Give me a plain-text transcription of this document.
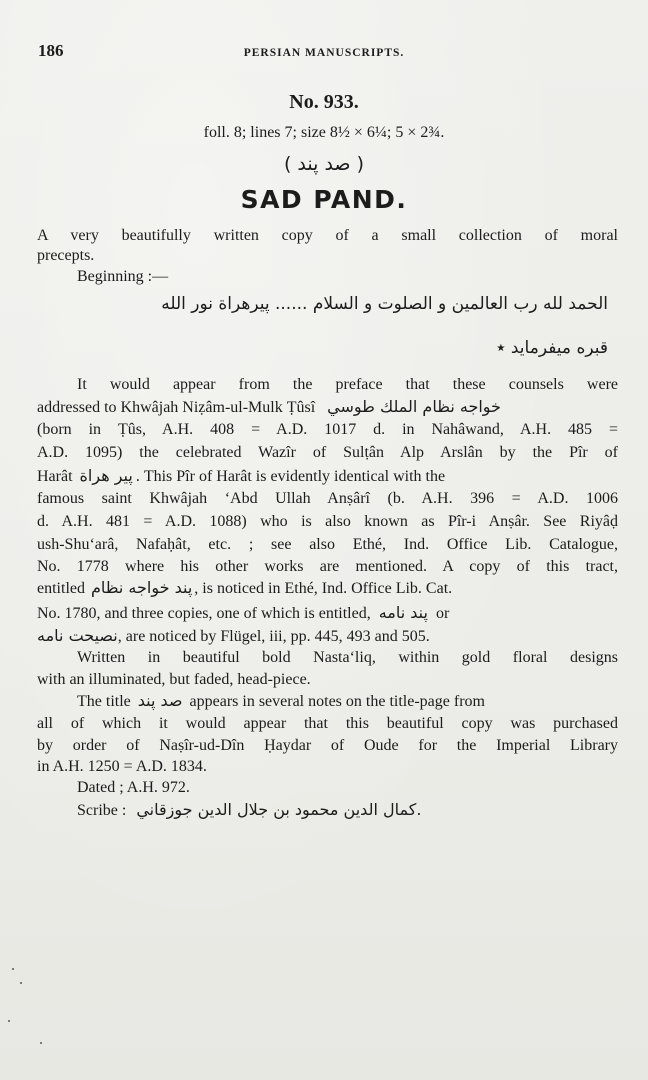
186	PERSIAN MANUSCRIPTS.
No. 933.
foll. 8; lines 7; size 8½ × 6¼; 5 × 2¾.
( صد پند )
SAD PAND.
A very beautifully written copy of a small collection of moral
precepts.
Beginning :—
الحمد لله رب العالمين و الصلوت و السلام ...... پيرهراة نور الله
قبره ميفرمايد ٭
It would appear from the preface that these counsels were
addressed to Khwâjah Niẓâm-ul-Mulk Ṭûsî خواجه نظام الملك طوسي
(born in Ṭûs, A.H. 408 = A.D. 1017 d. in Nahâwand, A.H. 485 =
A.D. 1095) the celebrated Wazîr of Sulṭân Alp Arslân by the Pîr of
Harât پير هراة . This Pîr of Harât is evidently identical with the
famous saint Khwâjah ‘Abd Ullah Anṣârî (b. A.H. 396 = A.D. 1006
d. A.H. 481 = A.D. 1088) who is also known as Pîr-i Anṣâr. See Riyâḍ
ush-Shu‘arâ, Nafaḥât, etc. ; see also Ethé, Ind. Office Lib. Catalogue,
No. 1778 where his other works are mentioned. A copy of this tract,
entitled پند خواجه نظام , is noticed in Ethé, Ind. Office Lib. Cat.
No. 1780, and three copies, one of which is entitled, پند نامه or
نصيحت نامه, are noticed by Flügel, iii, pp. 445, 493 and 505.
Written in beautiful bold Nasta‘liq, within gold floral designs
with an illuminated, but faded, head-piece.
The title صد پند appears in several notes on the title-page from
all of which it would appear that this beautiful copy was purchased
by order of Naṣîr-ud-Dîn Ḥaydar of Oude for the Imperial Library
in A.H. 1250 = A.D. 1834.
Dated ; A.H. 972.
Scribe : كمال الدين محمود بن جلال الدين جوزقاني.
